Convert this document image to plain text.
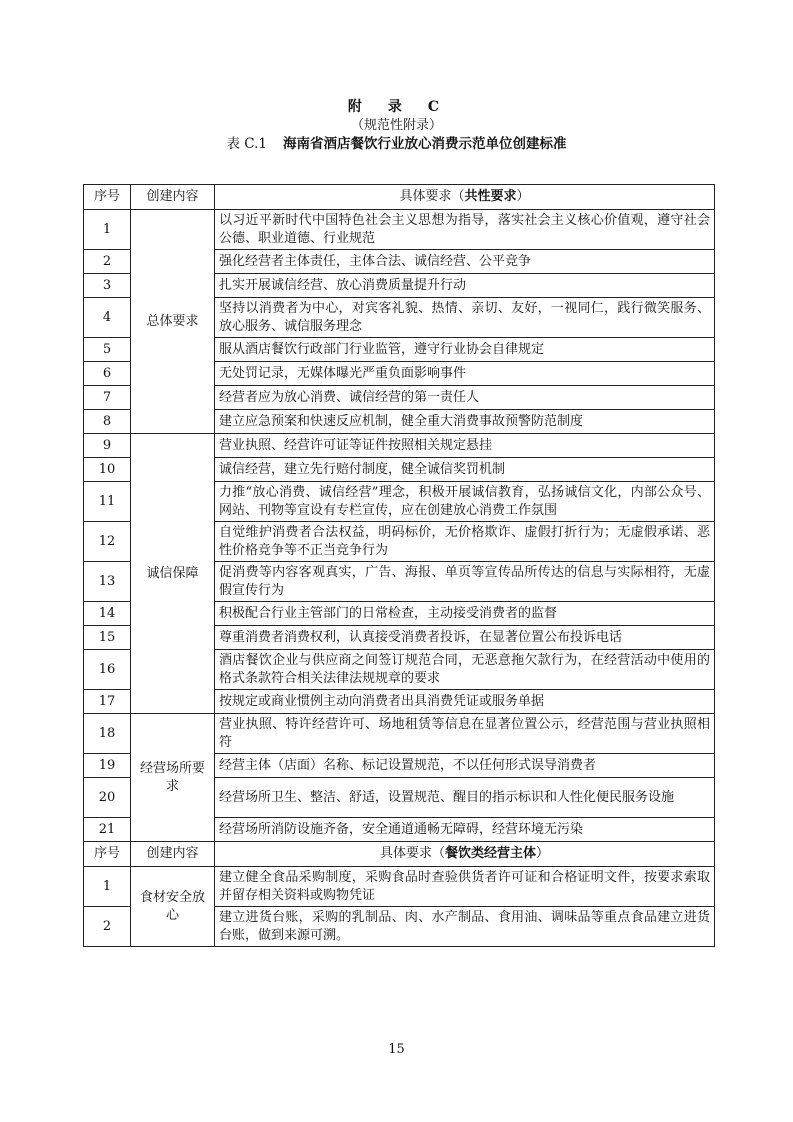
附　录　C
（规范性附录）
表 C.1 海南省酒店餐饮行业放心消费示范单位创建标准
序号	创建内容	具体要求（共性要求）
1	总体要求	以习近平新时代中国特色社会主义思想为指导，落实社会主义核心价值观，遵守社会公德、职业道德、行业规范
2		强化经营者主体责任，主体合法、诚信经营、公平竞争
3		扎实开展诚信经营、放心消费质量提升行动
4		坚持以消费者为中心，对宾客礼貌、热情、亲切、友好，一视同仁，践行微笑服务、放心服务、诚信服务理念
5		服从酒店餐饮行政部门行业监管，遵守行业协会自律规定
6		无处罚记录，无媒体曝光严重负面影响事件
7		经营者应为放心消费、诚信经营的第一责任人
8		建立应急预案和快速反应机制，健全重大消费事故预警防范制度
9	诚信保障	营业执照、经营许可证等证件按照相关规定悬挂
10		诚信经营，建立先行赔付制度，健全诚信奖罚机制
11		力推“放心消费、诚信经营”理念，积极开展诚信教育，弘扬诚信文化，内部公众号、网站、刊物等宣设有专栏宣传，应在创建放心消费工作氛围
12		自觉维护消费者合法权益，明码标价，无价格欺诈、虚假打折行为；无虚假承诺、恶性价格竞争等不正当竞争行为
13		促消费等内容客观真实，广告、海报、单页等宣传品所传达的信息与实际相符，无虚假宣传行为
14		积极配合行业主管部门的日常检查，主动接受消费者的监督
15		尊重消费者消费权利，认真接受消费者投诉，在显著位置公布投诉电话
16		酒店餐饮企业与供应商之间签订规范合同，无恶意拖欠款行为，在经营活动中使用的格式条款符合相关法律法规规章的要求
17		按规定或商业惯例主动向消费者出具消费凭证或服务单据
18	经营场所要求	营业执照、特许经营许可、场地租赁等信息在显著位置公示，经营范围与营业执照相符
19		经营主体（店面）名称、标记设置规范，不以任何形式误导消费者
20		经营场所卫生、整洁、舒适，设置规范、醒目的指示标识和人性化便民服务设施
21		经营场所消防设施齐备，安全通道通畅无障碍，经营环境无污染
序号	创建内容	具体要求（餐饮类经营主体）
1	食材安全放心	建立健全食品采购制度，采购食品时查验供货者许可证和合格证明文件，按要求索取并留存相关资料或购物凭证
2		建立进货台账，采购的乳制品、肉、水产制品、食用油、调味品等重点食品建立进货台账，做到来源可溯。
15
